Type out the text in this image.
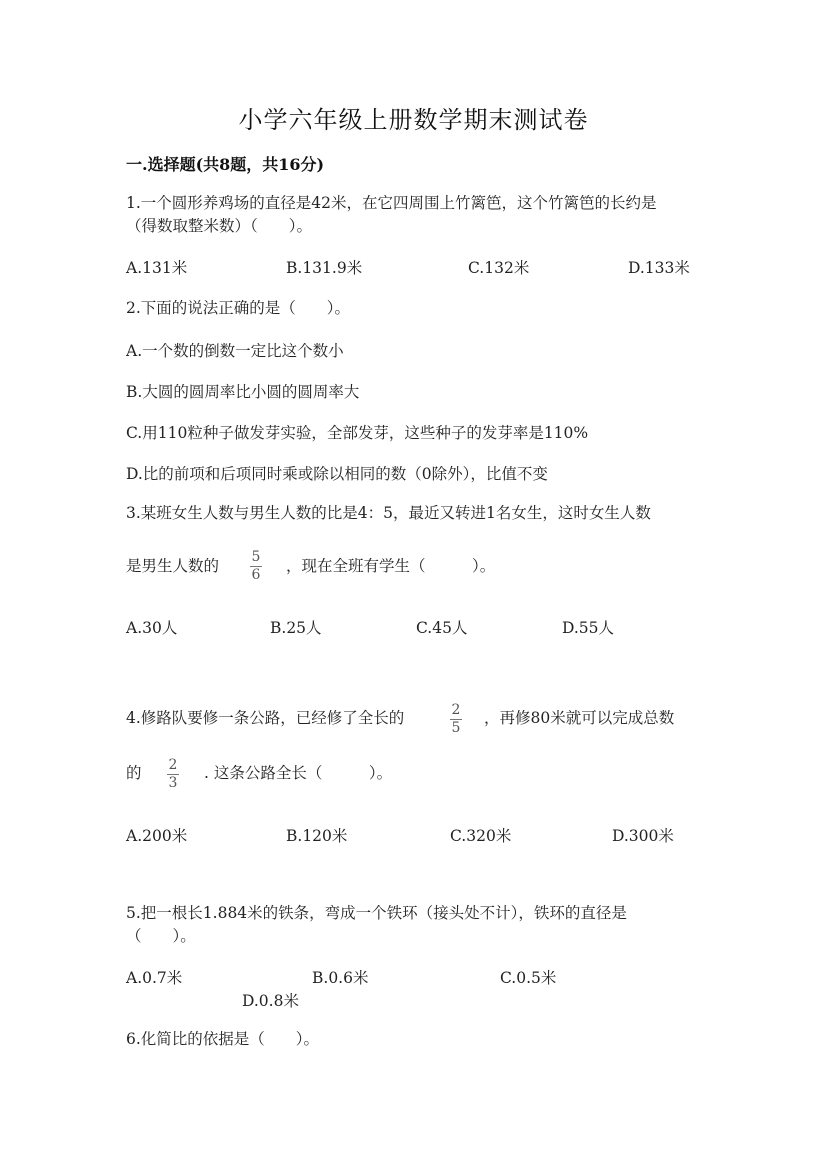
小学六年级上册数学期末测试卷
一.选择题(共8题，共16分)
1.一个圆形养鸡场的直径是42米，在它四周围上竹篱笆，这个竹篱笆的长约是
（得数取整米数）（　　）。
A.131米	B.131.9米	C.132米	D.133米
2.下面的说法正确的是（　　）。
A.一个数的倒数一定比这个数小
B.大圆的圆周率比小圆的圆周率大
C.用110粒种子做发芽实验，全部发芽，这些种子的发芽率是110%
D.比的前项和后项同时乘或除以相同的数（0除外），比值不变
3.某班女生人数与男生人数的比是4：5，最近又转进1名女生，这时女生人数
是男生人数的 5
6 ，现在全班有学生（　　　）。
A.30人	B.25人	C.45人	D.55人
4.修路队要修一条公路，已经修了全长的	2
5
，再修80米就可以完成总数
的 2
3
. 这条公路全长（　　　）。
A.200米	B.120米	C.320米	D.300米
5.把一根长1.884米的铁条，弯成一个铁环（接头处不计），铁环的直径是
（　　）。
A.0.7米	B.0.6米	C.0.5米
D.0.8米
6.化简比的依据是（　　）。
